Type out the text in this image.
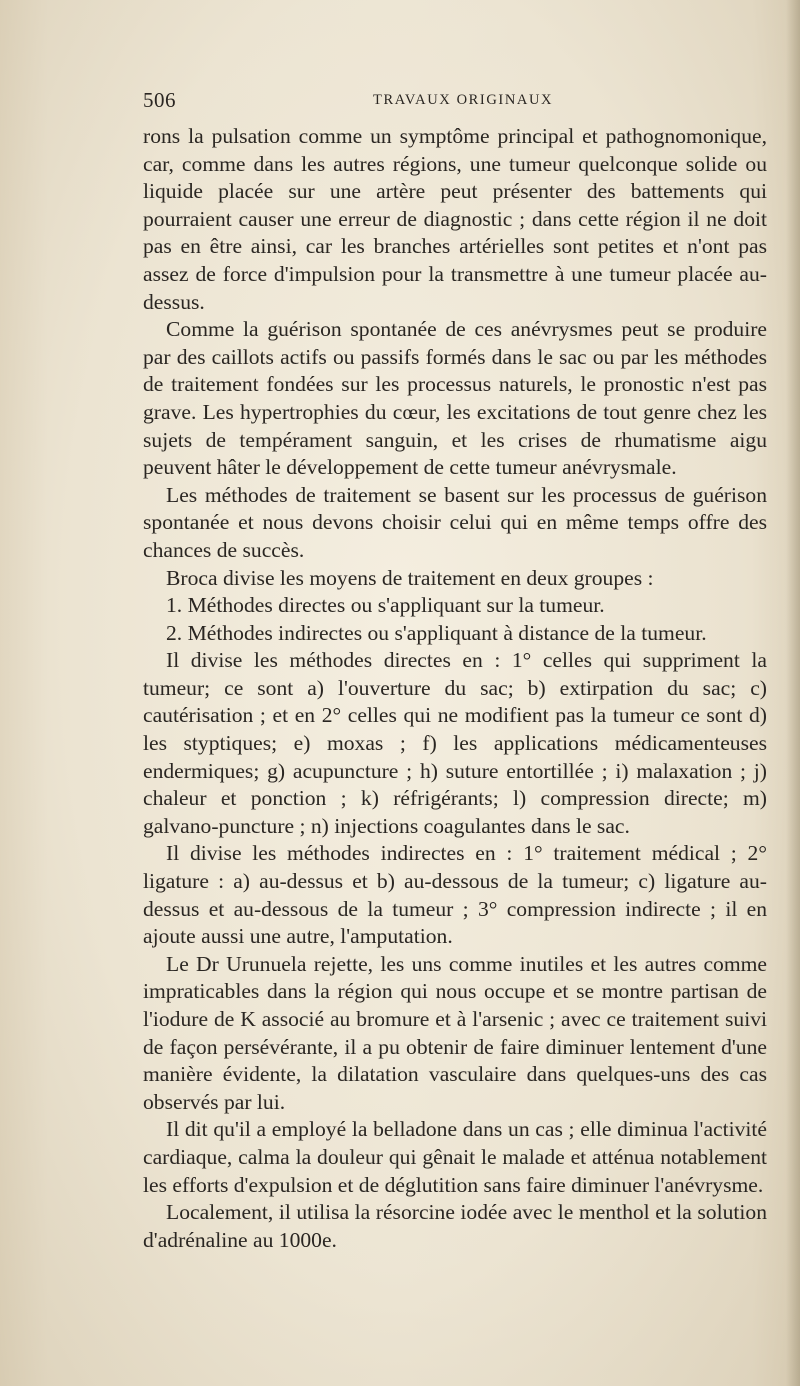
506	TRAVAUX ORIGINAUX

rons la pulsation comme un symptôme principal et pathognomonique, car, comme dans les autres régions, une tumeur quelconque solide ou liquide placée sur une artère peut présenter des battements qui pourraient causer une erreur de diagnostic ; dans cette région il ne doit pas en être ainsi, car les branches artérielles sont petites et n'ont pas assez de force d'impulsion pour la transmettre à une tumeur placée au-dessus.

Comme la guérison spontanée de ces anévrysmes peut se produire par des caillots actifs ou passifs formés dans le sac ou par les méthodes de traitement fondées sur les processus naturels, le pronostic n'est pas grave. Les hypertrophies du cœur, les excitations de tout genre chez les sujets de tempérament sanguin, et les crises de rhumatisme aigu peuvent hâter le développement de cette tumeur anévrysmale.

Les méthodes de traitement se basent sur les processus de guérison spontanée et nous devons choisir celui qui en même temps offre des chances de succès.

Broca divise les moyens de traitement en deux groupes :

1. Méthodes directes ou s'appliquant sur la tumeur.

2. Méthodes indirectes ou s'appliquant à distance de la tumeur.

Il divise les méthodes directes en : 1° celles qui suppriment la tumeur; ce sont a) l'ouverture du sac; b) extirpation du sac; c) cautérisation ; et en 2° celles qui ne modifient pas la tumeur ce sont d) les styptiques; e) moxas ; f) les applications médicamenteuses endermiques; g) acupuncture ; h) suture entortillée ; i) malaxation ; j) chaleur et ponction ; k) réfrigérants; l) compression directe; m) galvano-puncture ; n) injections coagulantes dans le sac.

Il divise les méthodes indirectes en : 1° traitement médical ; 2° ligature : a) au-dessus et b) au-dessous de la tumeur; c) ligature au-dessus et au-dessous de la tumeur ; 3° compression indirecte ; il en ajoute aussi une autre, l'amputation.

Le Dr Urunuela rejette, les uns comme inutiles et les autres comme impraticables dans la région qui nous occupe et se montre partisan de l'iodure de K associé au bromure et à l'arsenic ; avec ce traitement suivi de façon persévérante, il a pu obtenir de faire diminuer lentement d'une manière évidente, la dilatation vasculaire dans quelques-uns des cas observés par lui.

Il dit qu'il a employé la belladone dans un cas ; elle diminua l'activité cardiaque, calma la douleur qui gênait le malade et atténua notablement les efforts d'expulsion et de déglutition sans faire diminuer l'anévrysme.

Localement, il utilisa la résorcine iodée avec le menthol et la solution d'adrénaline au 1000e.
